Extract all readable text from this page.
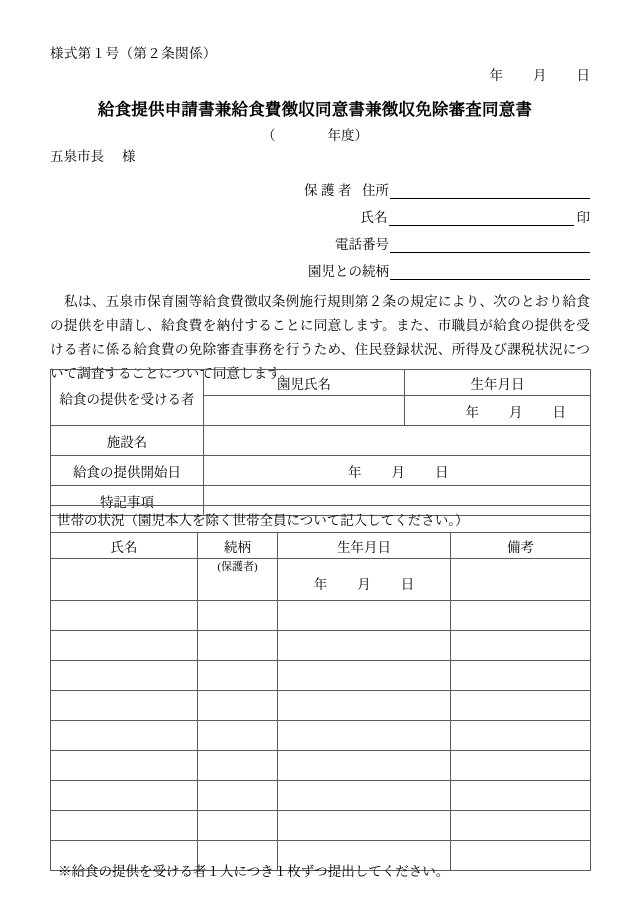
様式第１号（第２条関係）
年 月 日
給食提供申請書兼給食費徴収同意書兼徴収免除審査同意書
（	年度）
五泉市長 様
保護者 住所
氏名	印
電話番号
園児との続柄
私は、五泉市保育園等給食費徴収条例施行規則第２条の規定により、次のとおり給食の提供を申請し、給食費を納付することに同意します。また、市職員が給食の提供を受ける者に係る給食費の免除審査事務を行うため、住民登録状況、所得及び課税状況について調査することについて同意します。
給食の提供を受ける者	園児氏名	生年月日

		年 月 日

施設名		
給食の提供開始日	年 月 日	

特記事項		
世帯の状況（園児本人を除く世帯全員について記入してください。）			
氏名	続柄	生年月日	備考

	(保護者)	年 月 日	

※給食の提供を受ける者１人につき１枚ずつ提出してください。
